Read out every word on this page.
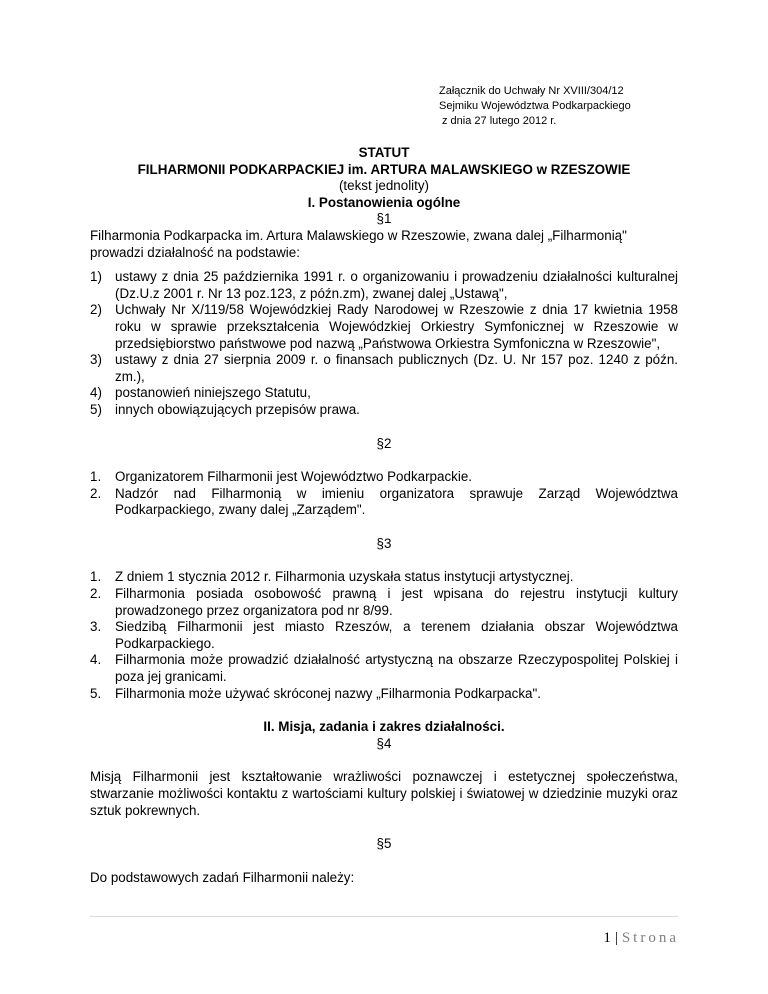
Załącznik do Uchwały Nr XVIII/304/12
Sejmiku Województwa Podkarpackiego
z dnia 27 lutego 2012 r.
STATUT
FILHARMONII PODKARPACKIEJ im. ARTURA MALAWSKIEGO w RZESZOWIE
(tekst jednolity)
I. Postanowienia ogólne
§1
Filharmonia Podkarpacka im. Artura Malawskiego w Rzeszowie, zwana dalej „Filharmonią" prowadzi działalność na podstawie:
1) ustawy z dnia 25 października 1991 r. o organizowaniu i prowadzeniu działalności kulturalnej (Dz.U.z 2001 r. Nr 13 poz.123, z późn.zm), zwanej dalej „Ustawą",
2) Uchwały Nr X/119/58 Wojewódzkiej Rady Narodowej w Rzeszowie z dnia 17 kwietnia 1958 roku w sprawie przekształcenia Wojewódzkiej Orkiestry Symfonicznej w Rzeszowie w przedsiębiorstwo państwowe pod nazwą „Państwowa Orkiestra Symfoniczna w Rzeszowie",
3) ustawy z dnia 27 sierpnia 2009 r. o finansach publicznych (Dz. U. Nr 157 poz. 1240 z późn. zm.),
4) postanowień niniejszego Statutu,
5) innych obowiązujących przepisów prawa.
§2
1.	Organizatorem Filharmonii jest Województwo Podkarpackie.
2.	Nadzór nad Filharmonią w imieniu organizatora sprawuje Zarząd Województwa Podkarpackiego, zwany dalej „Zarządem".
§3
1.	Z dniem 1 stycznia 2012 r. Filharmonia uzyskała status instytucji artystycznej.
2.	Filharmonia posiada osobowość prawną i jest wpisana do rejestru instytucji kultury prowadzonego przez organizatora pod nr 8/99.
3.	Siedzibą Filharmonii jest miasto Rzeszów, a terenem działania obszar Województwa Podkarpackiego.
4.	Filharmonia może prowadzić działalność artystyczną na obszarze Rzeczypospolitej Polskiej i poza jej granicami.
5.	Filharmonia może używać skróconej nazwy „Filharmonia Podkarpacka".
II. Misja, zadania i zakres działalności.
§4
Misją Filharmonii jest kształtowanie wrażliwości poznawczej i estetycznej społeczeństwa, stwarzanie możliwości kontaktu z wartościami kultury polskiej i światowej w dziedzinie muzyki oraz sztuk pokrewnych.
§5
Do podstawowych zadań Filharmonii należy:
1 | Strona
